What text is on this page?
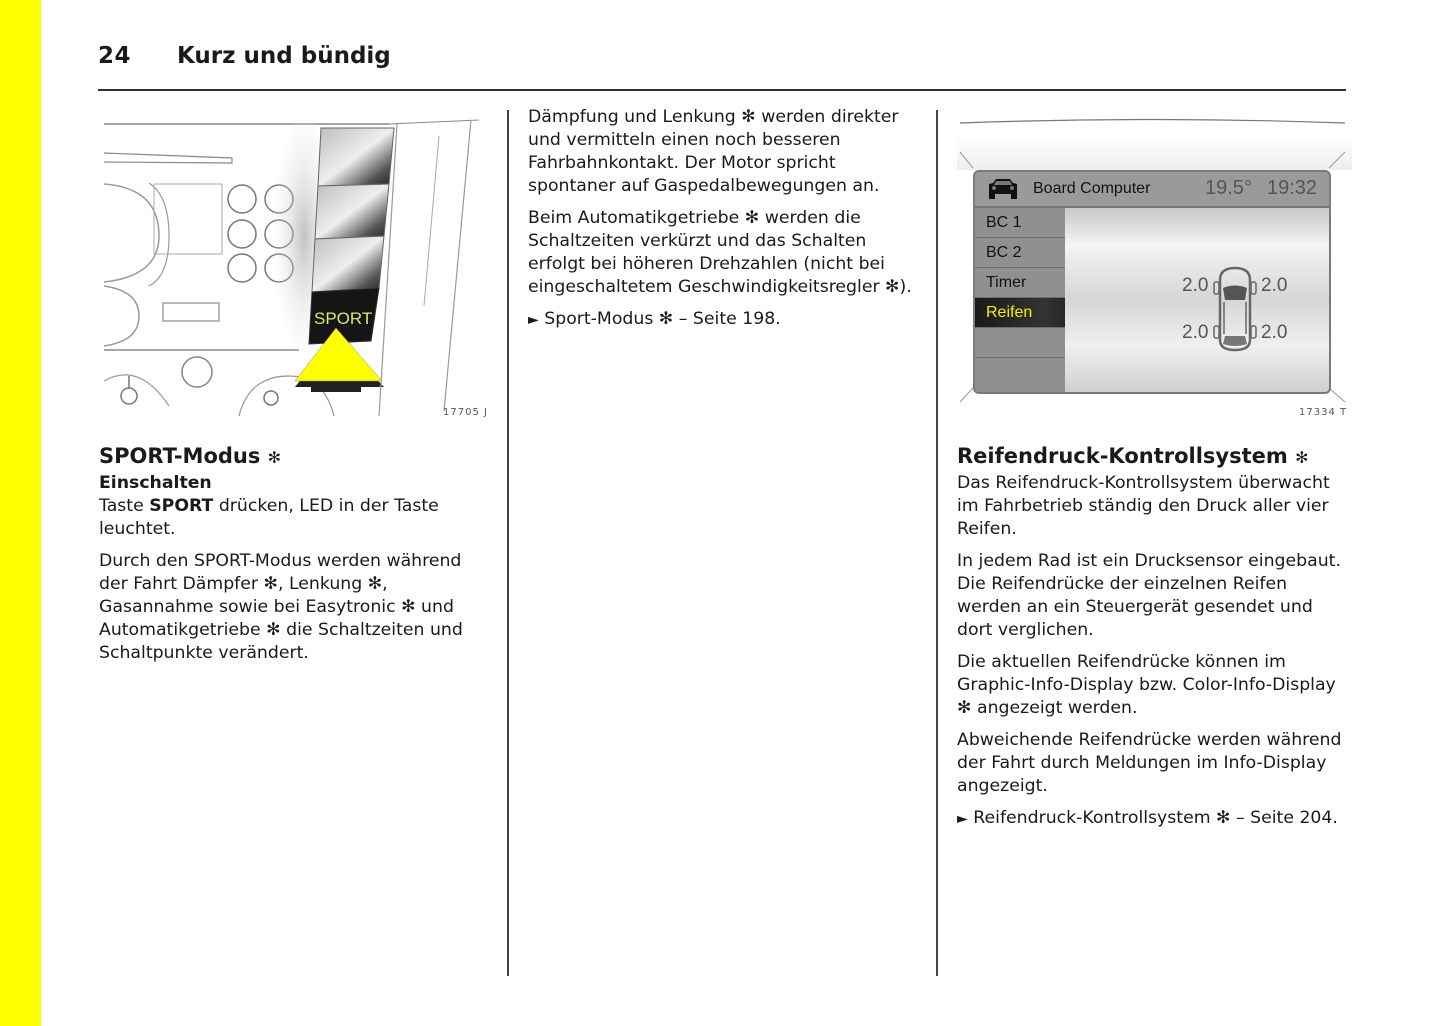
24 Kurz und bündig
SPORT
17705 J
SPORT-Modus ✻
Einschalten

Taste SPORT drücken, LED in der Taste leuchtet.

Durch den SPORT-Modus werden während der Fahrt Dämpfer ✻, Lenkung ✻, Gasannahme sowie bei Easytronic ✻ und Automatikgetriebe ✻ die Schaltzeiten und Schaltpunkte verändert.

Dämpfung und Lenkung ✻ werden direkter und vermitteln einen noch besseren Fahrbahnkontakt. Der Motor spricht spontaner auf Gaspedalbewegungen an.

Beim Automatikgetriebe ✻ werden die Schaltzeiten verkürzt und das Schalten erfolgt bei höheren Drehzahlen (nicht bei eingeschaltetem Geschwindigkeitsregler ✻).

► Sport-Modus ✻ – Seite 198.

Board Computer	19.5° 19:32
BC 1
BC 2
Timer
Reifen
2.0	2.0
2.0	2.0
17334 T
Reifendruck-Kontrollsystem ✻

Das Reifendruck-Kontrollsystem überwacht im Fahrbetrieb ständig den Druck aller vier Reifen.

In jedem Rad ist ein Drucksensor eingebaut. Die Reifendrücke der einzelnen Reifen werden an ein Steuergerät gesendet und dort verglichen.

Die aktuellen Reifendrücke können im Graphic-Info-Display bzw. Color-Info-Display ✻ angezeigt werden.

Abweichende Reifendrücke werden während der Fahrt durch Meldungen im Info-Display angezeigt.

► Reifendruck-Kontrollsystem ✻ – Seite 204.
